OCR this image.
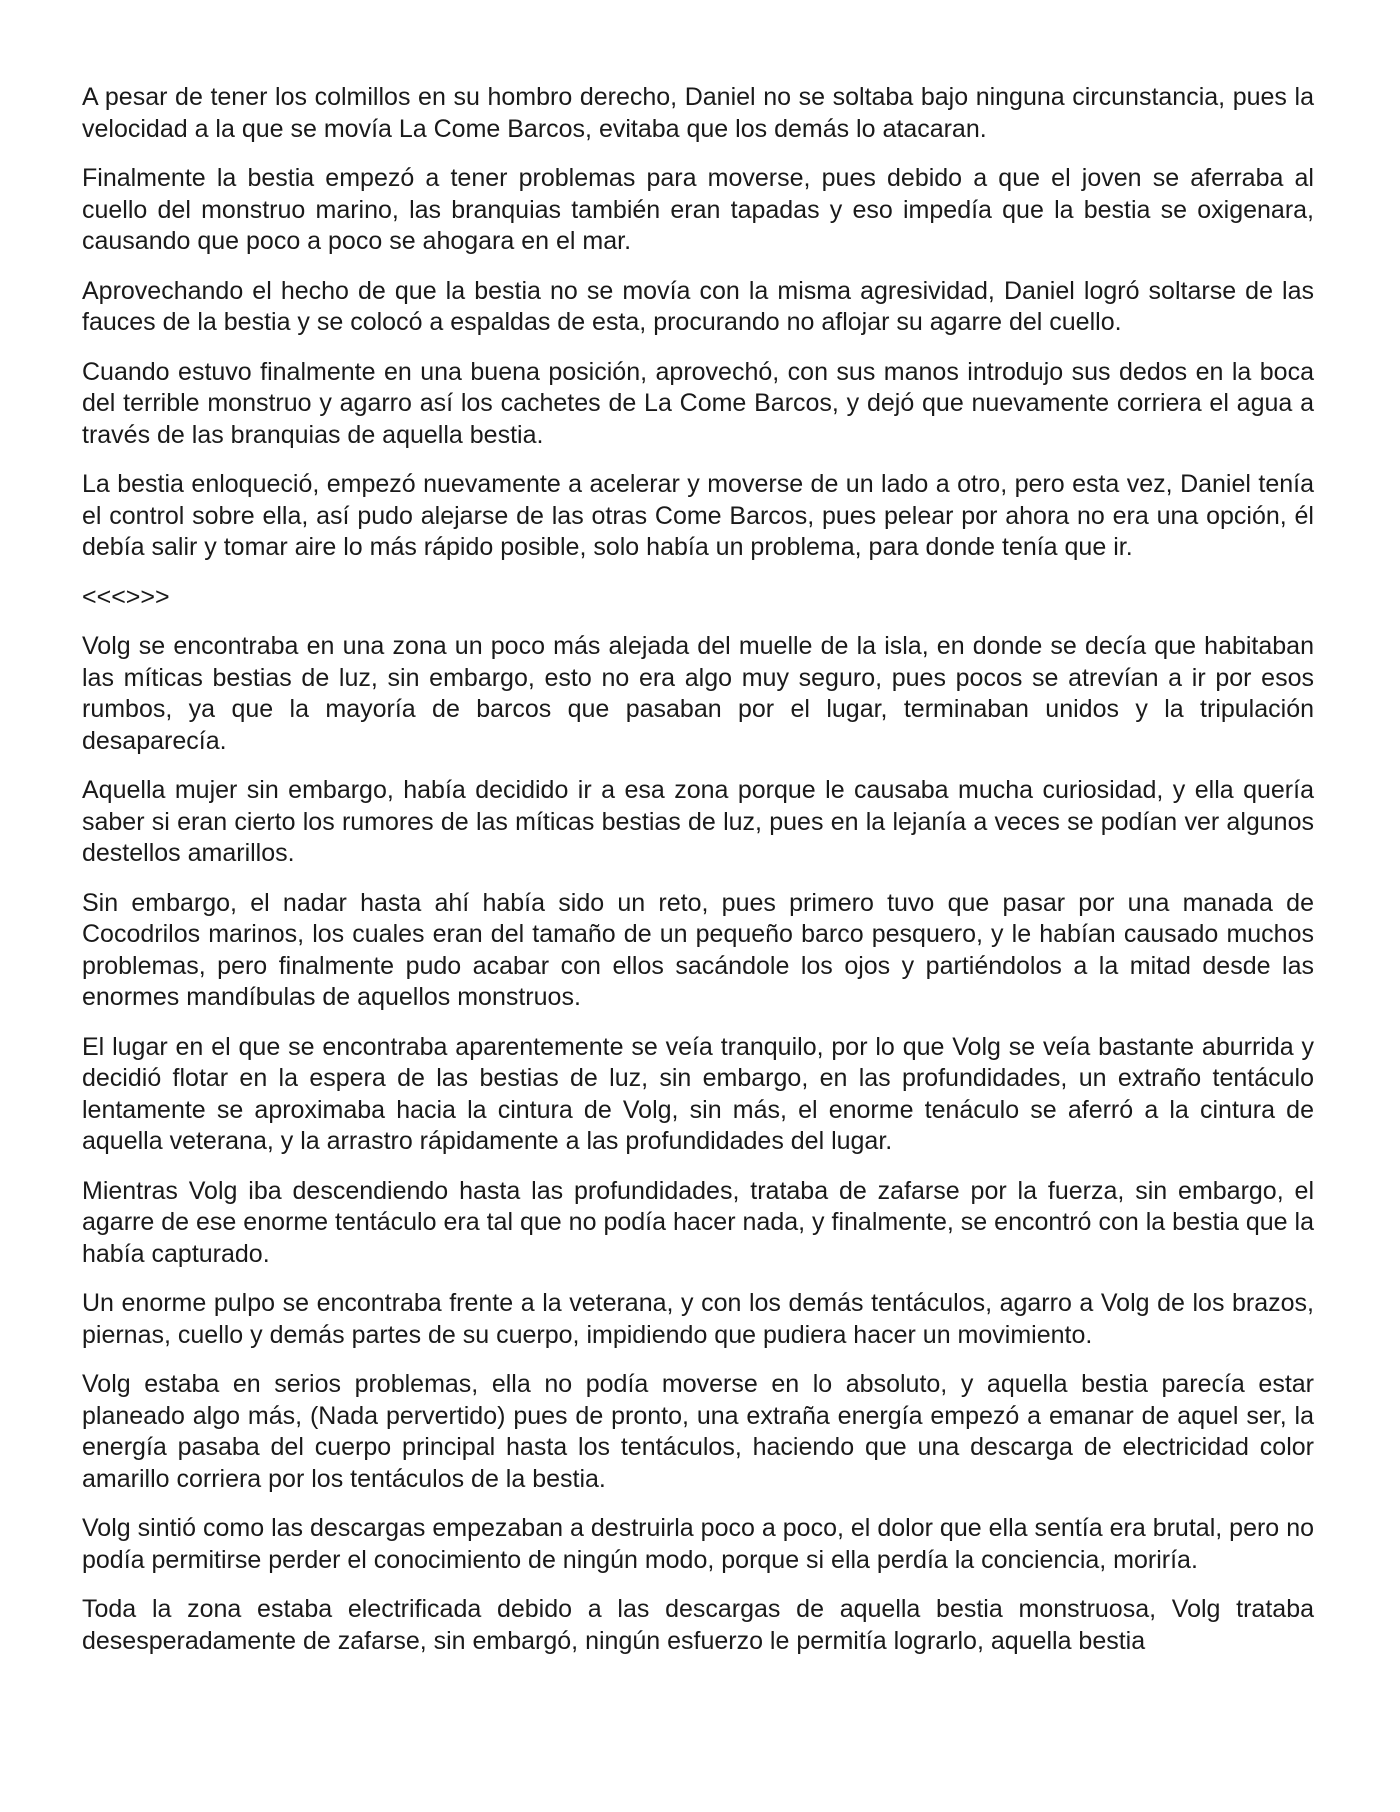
A pesar de tener los colmillos en su hombro derecho, Daniel no se soltaba bajo ninguna circunstancia, pues la velocidad a la que se movía La Come Barcos, evitaba que los demás lo atacaran.

Finalmente la bestia empezó a tener problemas para moverse, pues debido a que el joven se aferraba al cuello del monstruo marino, las branquias también eran tapadas y eso impedía que la bestia se oxigenara, causando que poco a poco se ahogara en el mar.

Aprovechando el hecho de que la bestia no se movía con la misma agresividad, Daniel logró soltarse de las fauces de la bestia y se colocó a espaldas de esta, procurando no aflojar su agarre del cuello.

Cuando estuvo finalmente en una buena posición, aprovechó, con sus manos introdujo sus dedos en la boca del terrible monstruo y agarro así los cachetes de La Come Barcos, y dejó que nuevamente corriera el agua a través de las branquias de aquella bestia.

La bestia enloqueció, empezó nuevamente a acelerar y moverse de un lado a otro, pero esta vez, Daniel tenía el control sobre ella, así pudo alejarse de las otras Come Barcos, pues pelear por ahora no era una opción, él debía salir y tomar aire lo más rápido posible, solo había un problema, para donde tenía que ir.

<<<>>>

Volg se encontraba en una zona un poco más alejada del muelle de la isla, en donde se decía que habitaban las míticas bestias de luz, sin embargo, esto no era algo muy seguro, pues pocos se atrevían a ir por esos rumbos, ya que la mayoría de barcos que pasaban por el lugar, terminaban unidos y la tripulación desaparecía.

Aquella mujer sin embargo, había decidido ir a esa zona porque le causaba mucha curiosidad, y ella quería saber si eran cierto los rumores de las míticas bestias de luz, pues en la lejanía a veces se podían ver algunos destellos amarillos.

Sin embargo, el nadar hasta ahí había sido un reto, pues primero tuvo que pasar por una manada de Cocodrilos marinos, los cuales eran del tamaño de un pequeño barco pesquero, y le habían causado muchos problemas, pero finalmente pudo acabar con ellos sacándole los ojos y partiéndolos a la mitad desde las enormes mandíbulas de aquellos monstruos.

El lugar en el que se encontraba aparentemente se veía tranquilo, por lo que Volg se veía bastante aburrida y decidió flotar en la espera de las bestias de luz, sin embargo, en las profundidades, un extraño tentáculo lentamente se aproximaba hacia la cintura de Volg, sin más, el enorme tenáculo se aferró a la cintura de aquella veterana, y la arrastro rápidamente a las profundidades del lugar.

Mientras Volg iba descendiendo hasta las profundidades, trataba de zafarse por la fuerza, sin embargo, el agarre de ese enorme tentáculo era tal que no podía hacer nada, y finalmente, se encontró con la bestia que la había capturado.

Un enorme pulpo se encontraba frente a la veterana, y con los demás tentáculos, agarro a Volg de los brazos, piernas, cuello y demás partes de su cuerpo, impidiendo que pudiera hacer un movimiento.

Volg estaba en serios problemas, ella no podía moverse en lo absoluto, y aquella bestia parecía estar planeado algo más, (Nada pervertido) pues de pronto, una extraña energía empezó a emanar de aquel ser, la energía pasaba del cuerpo principal hasta los tentáculos, haciendo que una descarga de electricidad color amarillo corriera por los tentáculos de la bestia.

Volg sintió como las descargas empezaban a destruirla poco a poco, el dolor que ella sentía era brutal, pero no podía permitirse perder el conocimiento de ningún modo, porque si ella perdía la conciencia, moriría.

Toda la zona estaba electrificada debido a las descargas de aquella bestia monstruosa, Volg trataba desesperadamente de zafarse, sin embargó, ningún esfuerzo le permitía lograrlo, aquella bestia
